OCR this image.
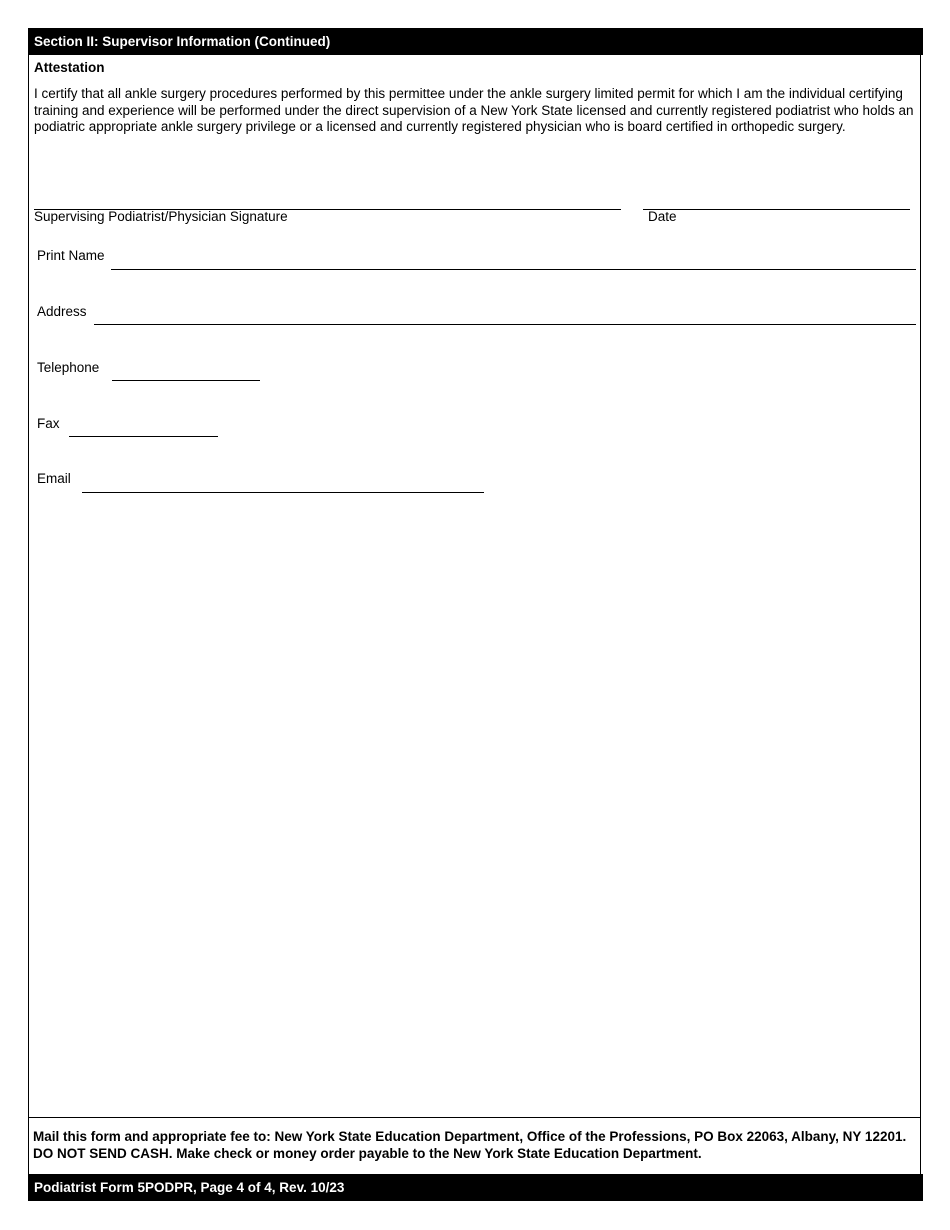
Section II: Supervisor Information (Continued)
Attestation
I certify that all ankle surgery procedures performed by this permittee under the ankle surgery limited permit for which I am the individual certifying training and experience will be performed under the direct supervision of a New York State licensed and currently registered podiatrist who holds an podiatric appropriate ankle surgery privilege or a licensed and currently registered physician who is board certified in orthopedic surgery.
Supervising Podiatrist/Physician Signature	Date
Print Name
Address
Telephone
Fax
Email
Mail this form and appropriate fee to: New York State Education Department, Office of the Professions, PO Box 22063, Albany, NY 12201. DO NOT SEND CASH. Make check or money order payable to the New York State Education Department.
Podiatrist Form 5PODPR, Page 4 of 4, Rev. 10/23
